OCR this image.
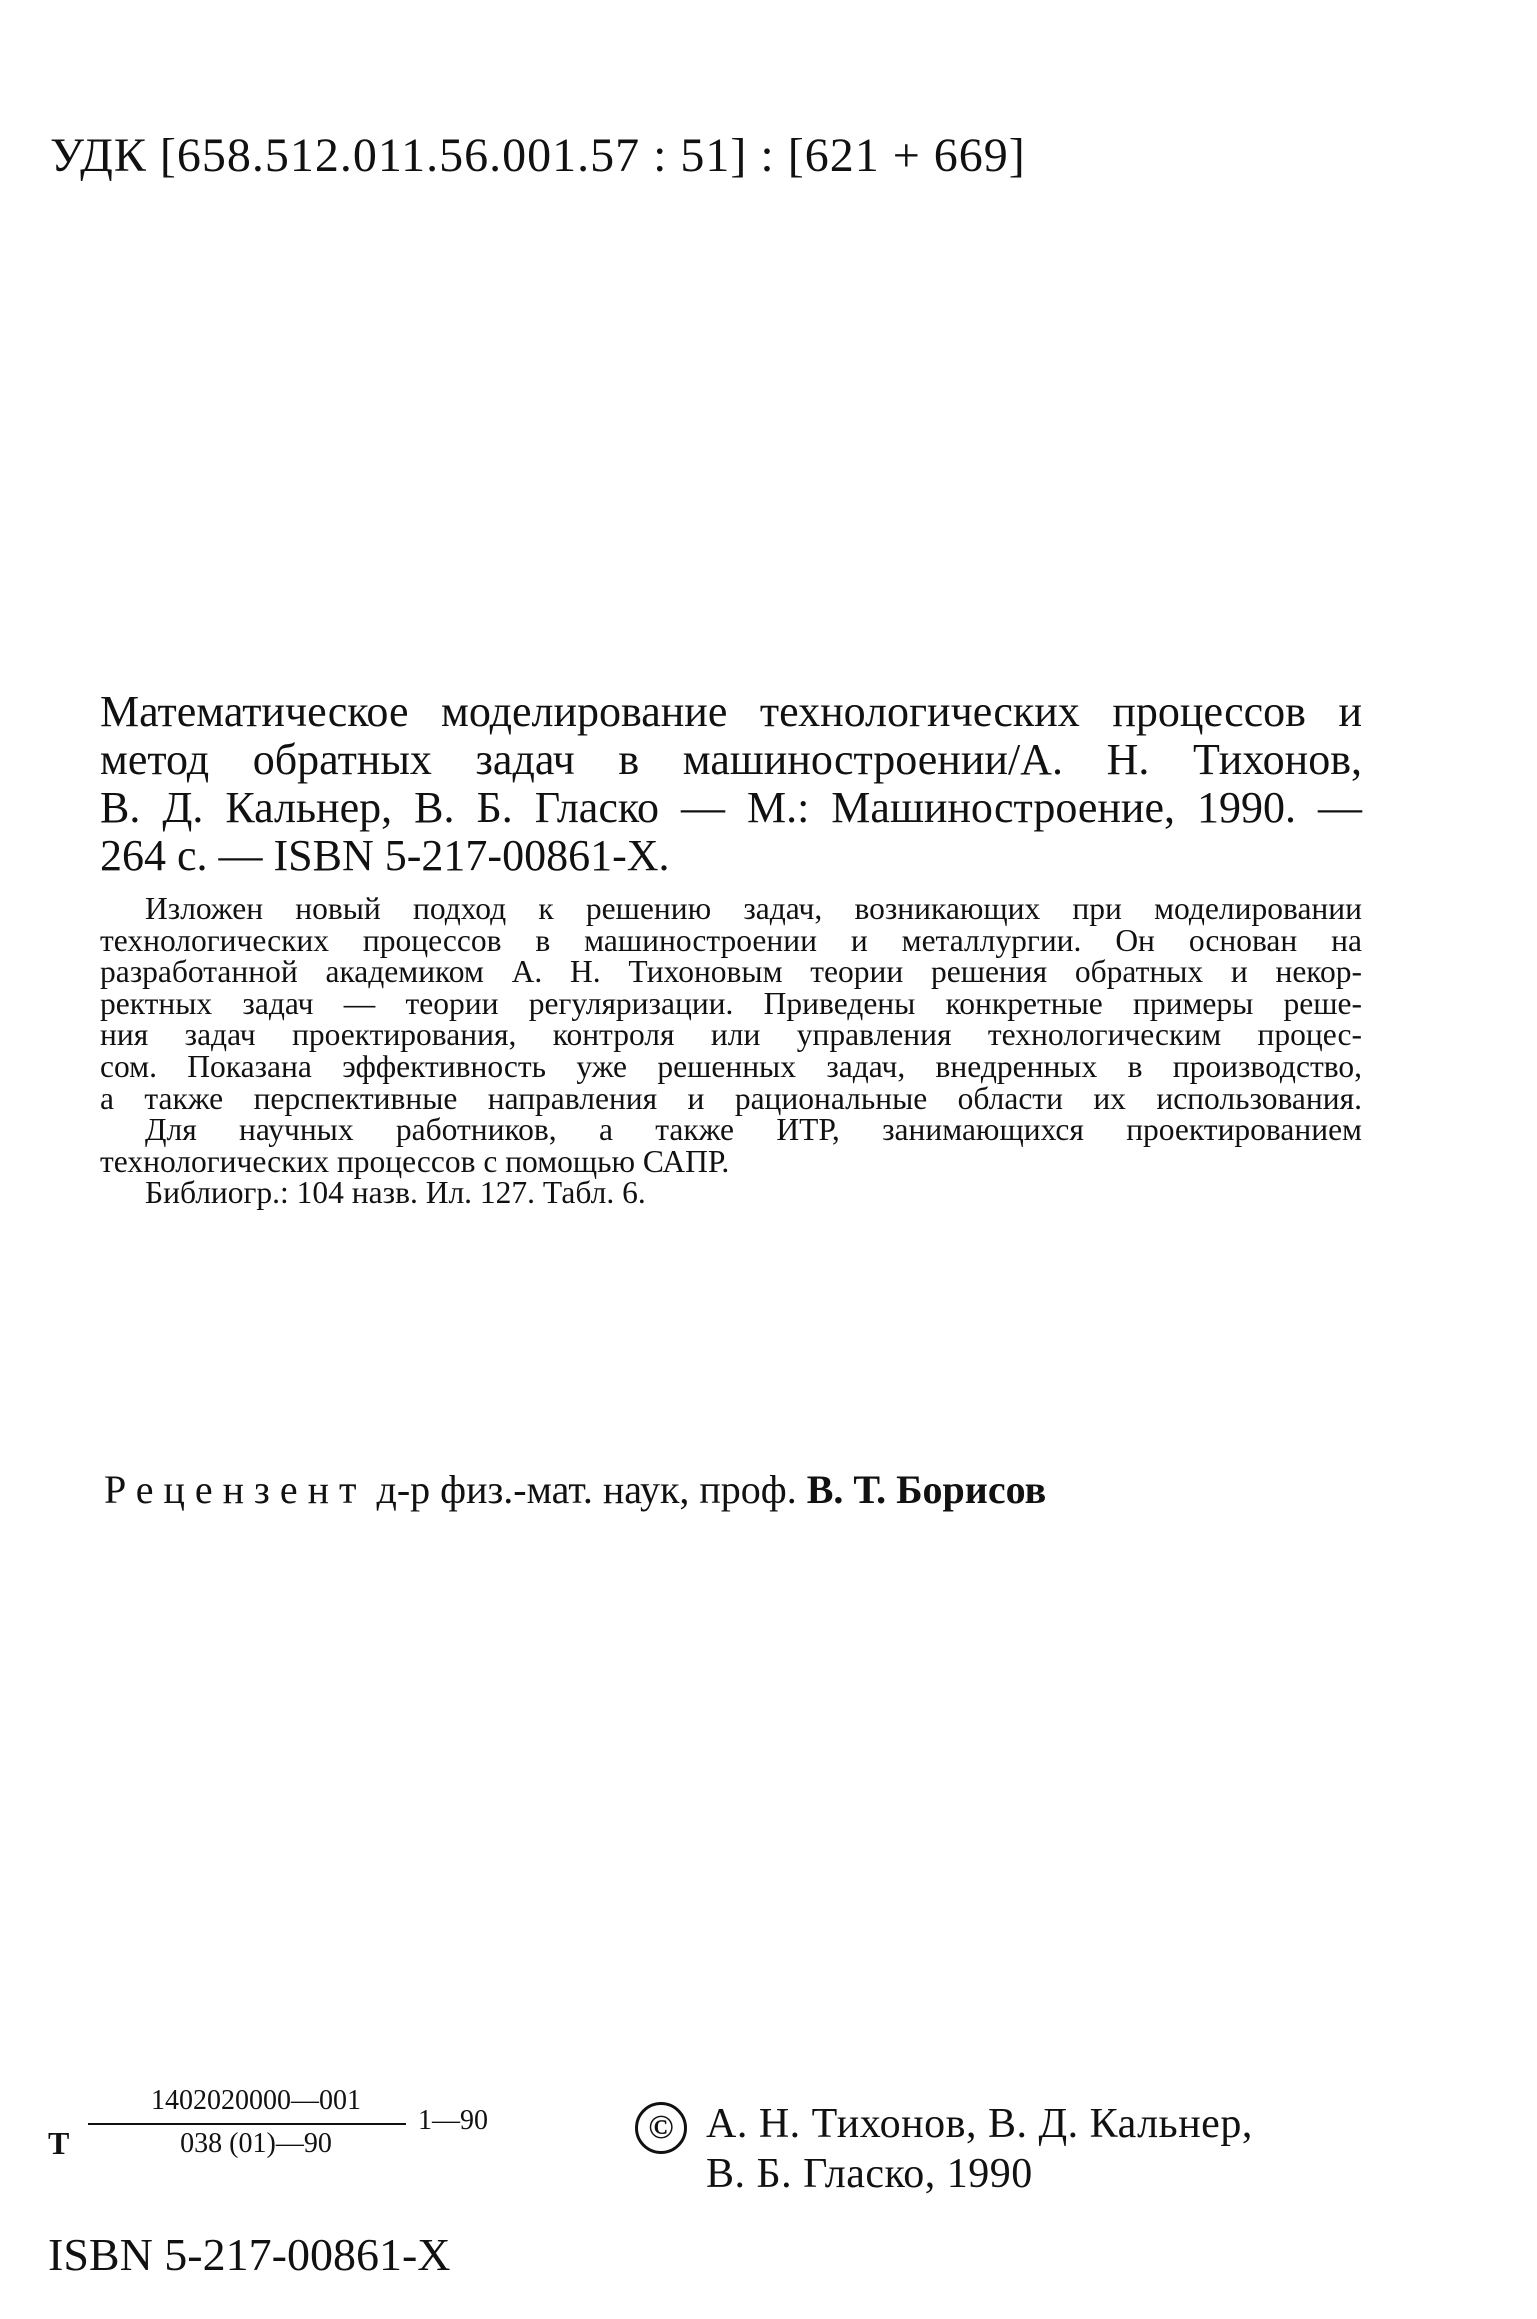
УДК [658.512.011.56.001.57 : 51] : [621 + 669]

Математическое моделирование технологических процессов и
метод обратных задач в машиностроении/А. Н. Тихонов,
В. Д. Кальнер, В. Б. Гласко — М.: Машиностроение, 1990. —
264 с. — ISBN 5-217-00861-X.
Изложен новый подход к решению задач, возникающих при моделировании
технологических процессов в машиностроении и металлургии. Он основан на
разработанной академиком А. Н. Тихоновым теории решения обратных и некор-
ректных задач — теории регуляризации. Приведены конкретные примеры реше-
ния задач проектирования, контроля или управления технологическим процес-
сом. Показана эффективность уже решенных задач, внедренных в производство,
а также перспективные направления и рациональные области их использования.
Для научных работников, а также ИТР, занимающихся проектированием
технологических процессов с помощью САПР.
Библиогр.: 104 назв. Ил. 127. Табл. 6.

Рецензент д-р физ.-мат. наук, проф. В. Т. Борисов

Т
1402020000—001
038 (01)—90
1—90	© А. Н. Тихонов, В. Д. Кальнер,
В. Б. Гласко, 1990

ISBN 5-217-00861-X
